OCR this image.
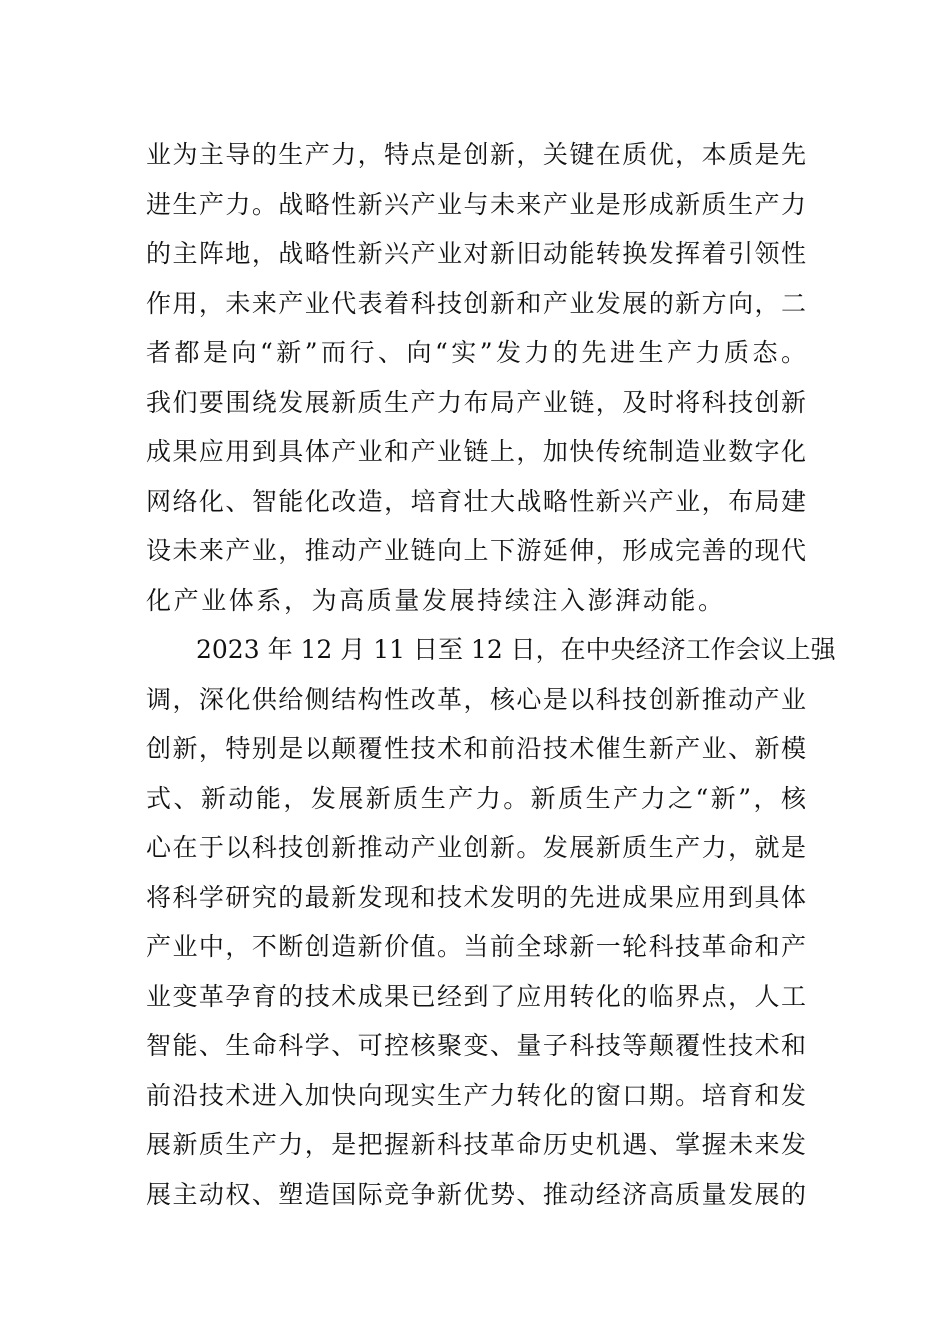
业为主导的生产力，特点是创新，关键在质优，本质是先
进生产力。战略性新兴产业与未来产业是形成新质生产力
的主阵地，战略性新兴产业对新旧动能转换发挥着引领性
作用，未来产业代表着科技创新和产业发展的新方向，二
者都是向“新”而行、向“实”发力的先进生产力质态。
我们要围绕发展新质生产力布局产业链，及时将科技创新
成果应用到具体产业和产业链上，加快传统制造业数字化
网络化、智能化改造，培育壮大战略性新兴产业，布局建
设未来产业，推动产业链向上下游延伸，形成完善的现代
化产业体系，为高质量发展持续注入澎湃动能。
2023 年 12 月 11 日至 12 日，在中央经济工作会议上强
调，深化供给侧结构性改革，核心是以科技创新推动产业
创新，特别是以颠覆性技术和前沿技术催生新产业、新模
式、新动能，发展新质生产力。新质生产力之“新”，核
心在于以科技创新推动产业创新。发展新质生产力，就是
将科学研究的最新发现和技术发明的先进成果应用到具体
产业中，不断创造新价值。当前全球新一轮科技革命和产
业变革孕育的技术成果已经到了应用转化的临界点，人工
智能、生命科学、可控核聚变、量子科技等颠覆性技术和
前沿技术进入加快向现实生产力转化的窗口期。培育和发
展新质生产力，是把握新科技革命历史机遇、掌握未来发
展主动权、塑造国际竞争新优势、推动经济高质量发展的
